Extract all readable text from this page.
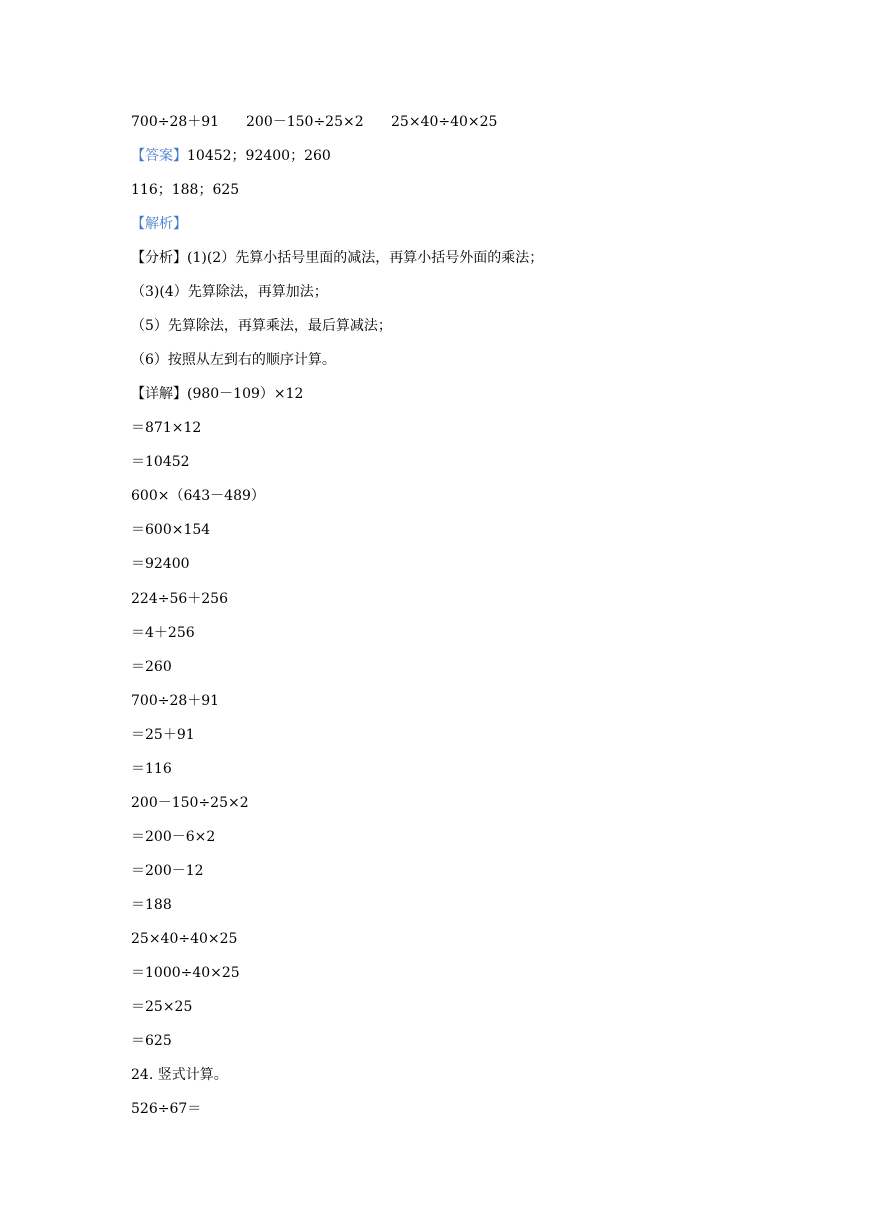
700÷28＋91	200－150÷25×2	25×40÷40×25
【答案】10452；92400；260
116；188；625
【解析】
【分析】(1)(2）先算小括号里面的减法，再算小括号外面的乘法；
（3)(4）先算除法，再算加法；
（5）先算除法，再算乘法，最后算减法；
（6）按照从左到右的顺序计算。
【详解】(980－109）×12
＝871×12
＝10452
600×（643－489）
＝600×154
＝92400
224÷56＋256
＝4＋256
＝260
700÷28＋91
＝25＋91
＝116
200－150÷25×2
＝200－6×2
＝200－12
＝188
25×40÷40×25
＝1000÷40×25
＝25×25
＝625
24. 竖式计算。
526÷67＝
